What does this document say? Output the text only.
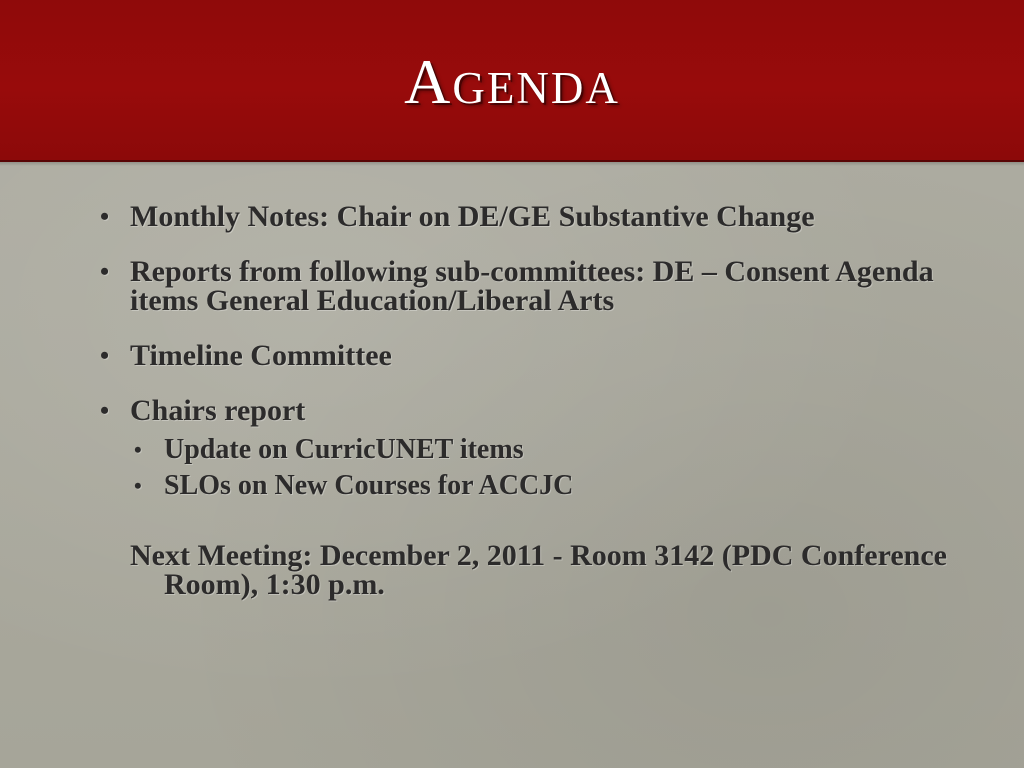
Agenda
• Monthly Notes: Chair on DE/GE Substantive Change
• Reports from following sub-committees: DE – Consent Agenda items General Education/Liberal Arts
• Timeline Committee
• Chairs report
• Update on CurricUNET items
• SLOs on New Courses for ACCJC
Next Meeting: December 2, 2011 - Room 3142 (PDC Conference Room), 1:30 p.m.
